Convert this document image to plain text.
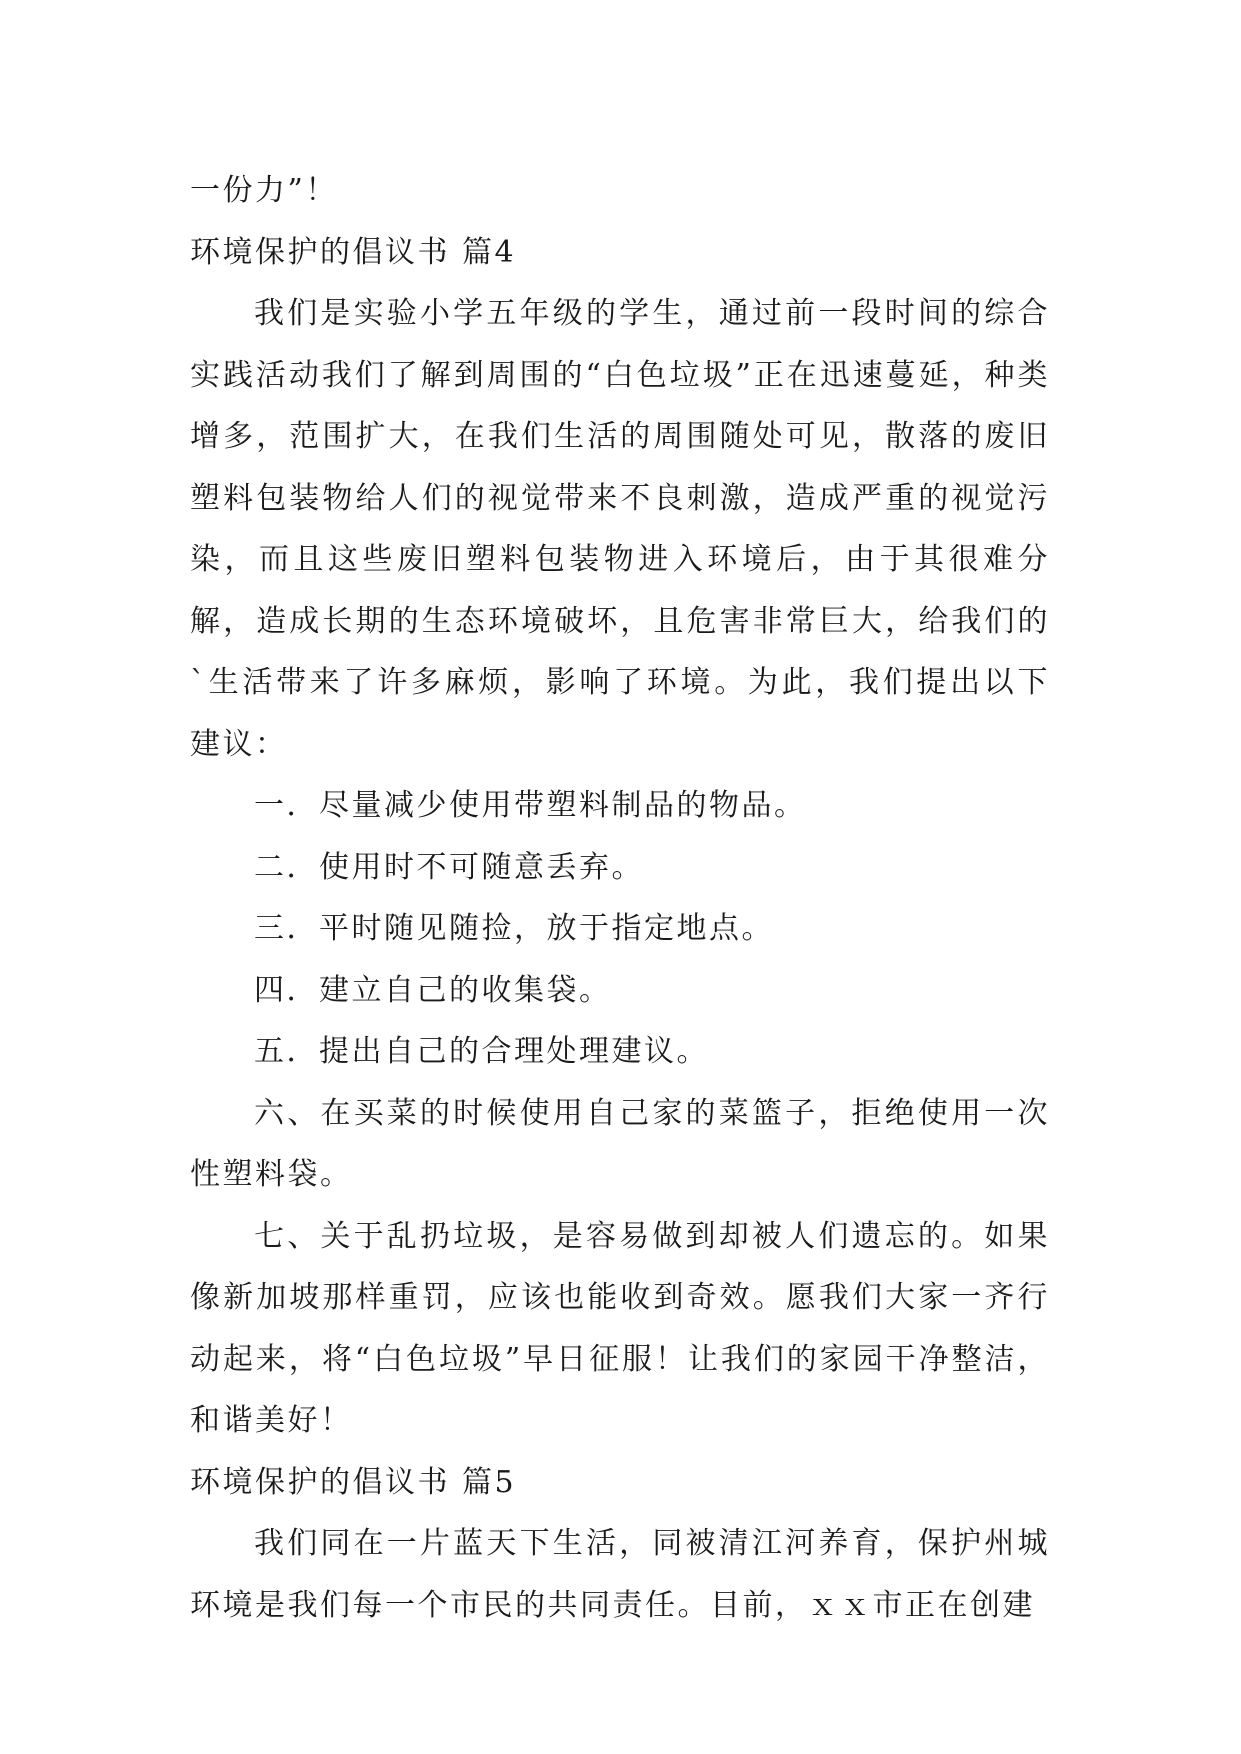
一份力”！
环境保护的倡议书 篇4

我们是实验小学五年级的学生，通过前一段时间的综合实践活动我们了解到周围的“白色垃圾”正在迅速蔓延，种类增多，范围扩大，在我们生活的周围随处可见，散落的废旧塑料包装物给人们的视觉带来不良刺激，造成严重的视觉污染，而且这些废旧塑料包装物进入环境后，由于其很难分解，造成长期的生态环境破坏，且危害非常巨大，给我们的`生活带来了许多麻烦，影响了环境。为此，我们提出以下建议：

一．尽量减少使用带塑料制品的物品。

二．使用时不可随意丢弃。

三．平时随见随捡，放于指定地点。

四．建立自己的收集袋。

五．提出自己的合理处理建议。

六、在买菜的时候使用自己家的菜篮子，拒绝使用一次性塑料袋。

七、关于乱扔垃圾，是容易做到却被人们遗忘的。如果像新加坡那样重罚，应该也能收到奇效。愿我们大家一齐行动起来，将“白色垃圾”早日征服！让我们的家园干净整洁，和谐美好！

环境保护的倡议书 篇5

我们同在一片蓝天下生活，同被清江河养育，保护州城环境是我们每一个市民的共同责任。目前，ｘｘ市正在创建
